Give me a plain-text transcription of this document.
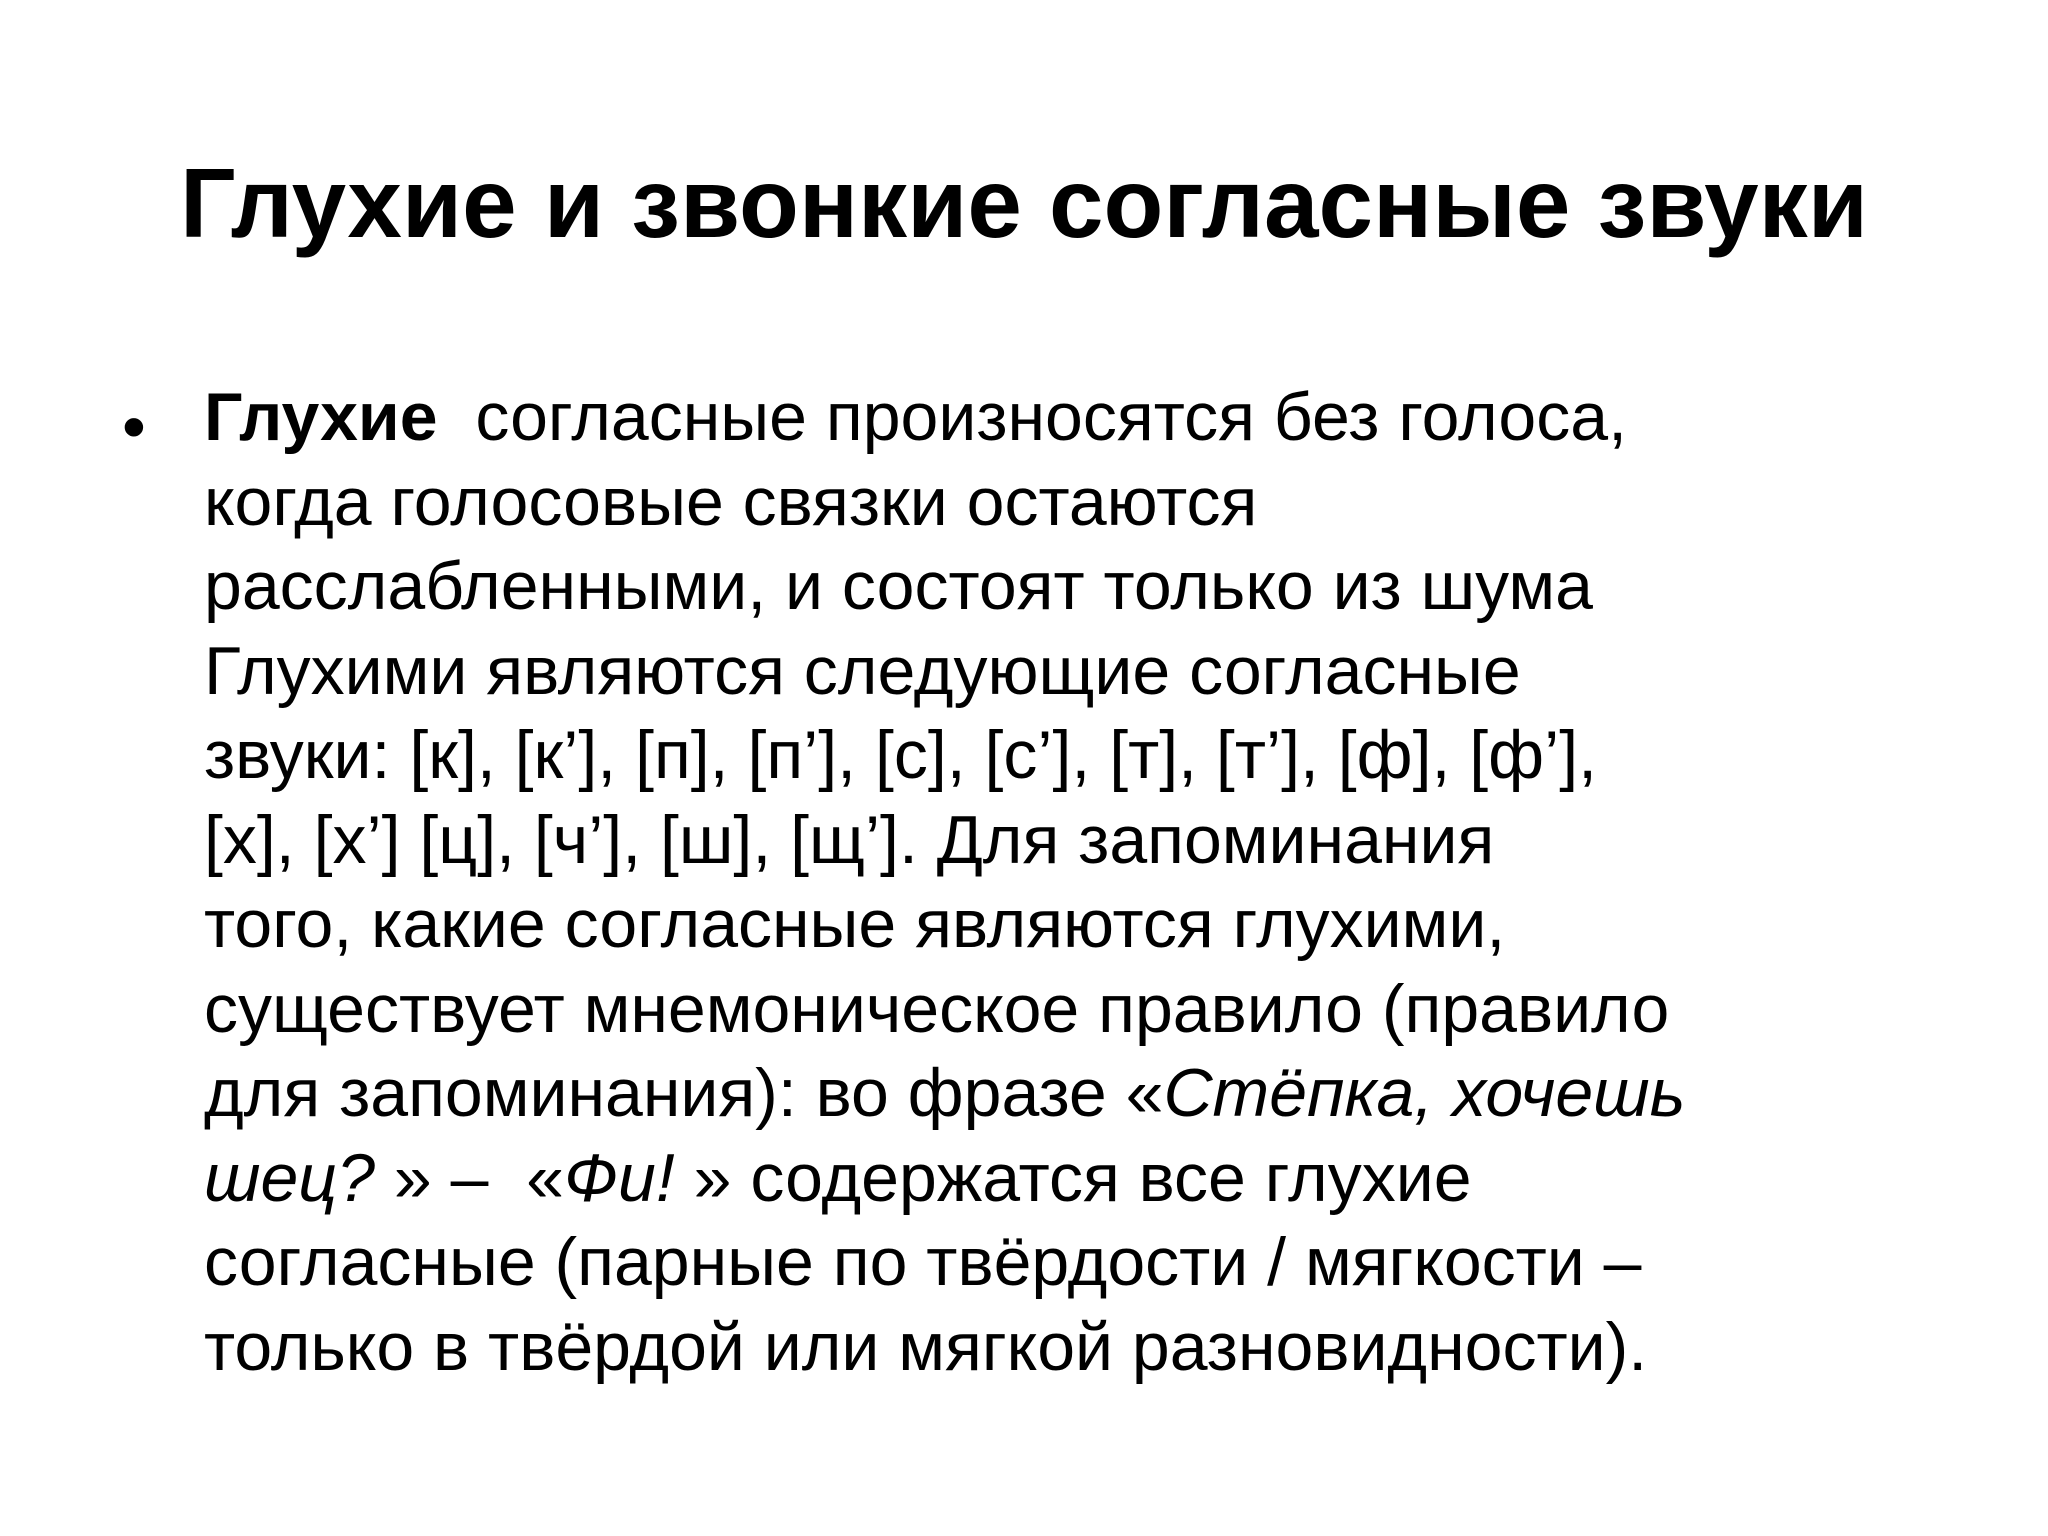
Глухие и звонкие согласные звуки
• Глухие  согласные произносятся без голоса,
когда голосовые связки остаются
расслабленными, и состоят только из шума
Глухими являются следующие согласные
звуки: [к], [к’], [п], [п’], [с], [с’], [т], [т’], [ф], [ф’],
[х], [х’] [ц], [ч’], [ш], [щ’]. Для запоминания
того, какие согласные являются глухими,
существует мнемоническое правило (правило
для запоминания): во фразе «Стёпка, хочешь
шец? » –  «Фи! » содержатся все глухие
согласные (парные по твёрдости / мягкости –
только в твёрдой или мягкой разновидности).
